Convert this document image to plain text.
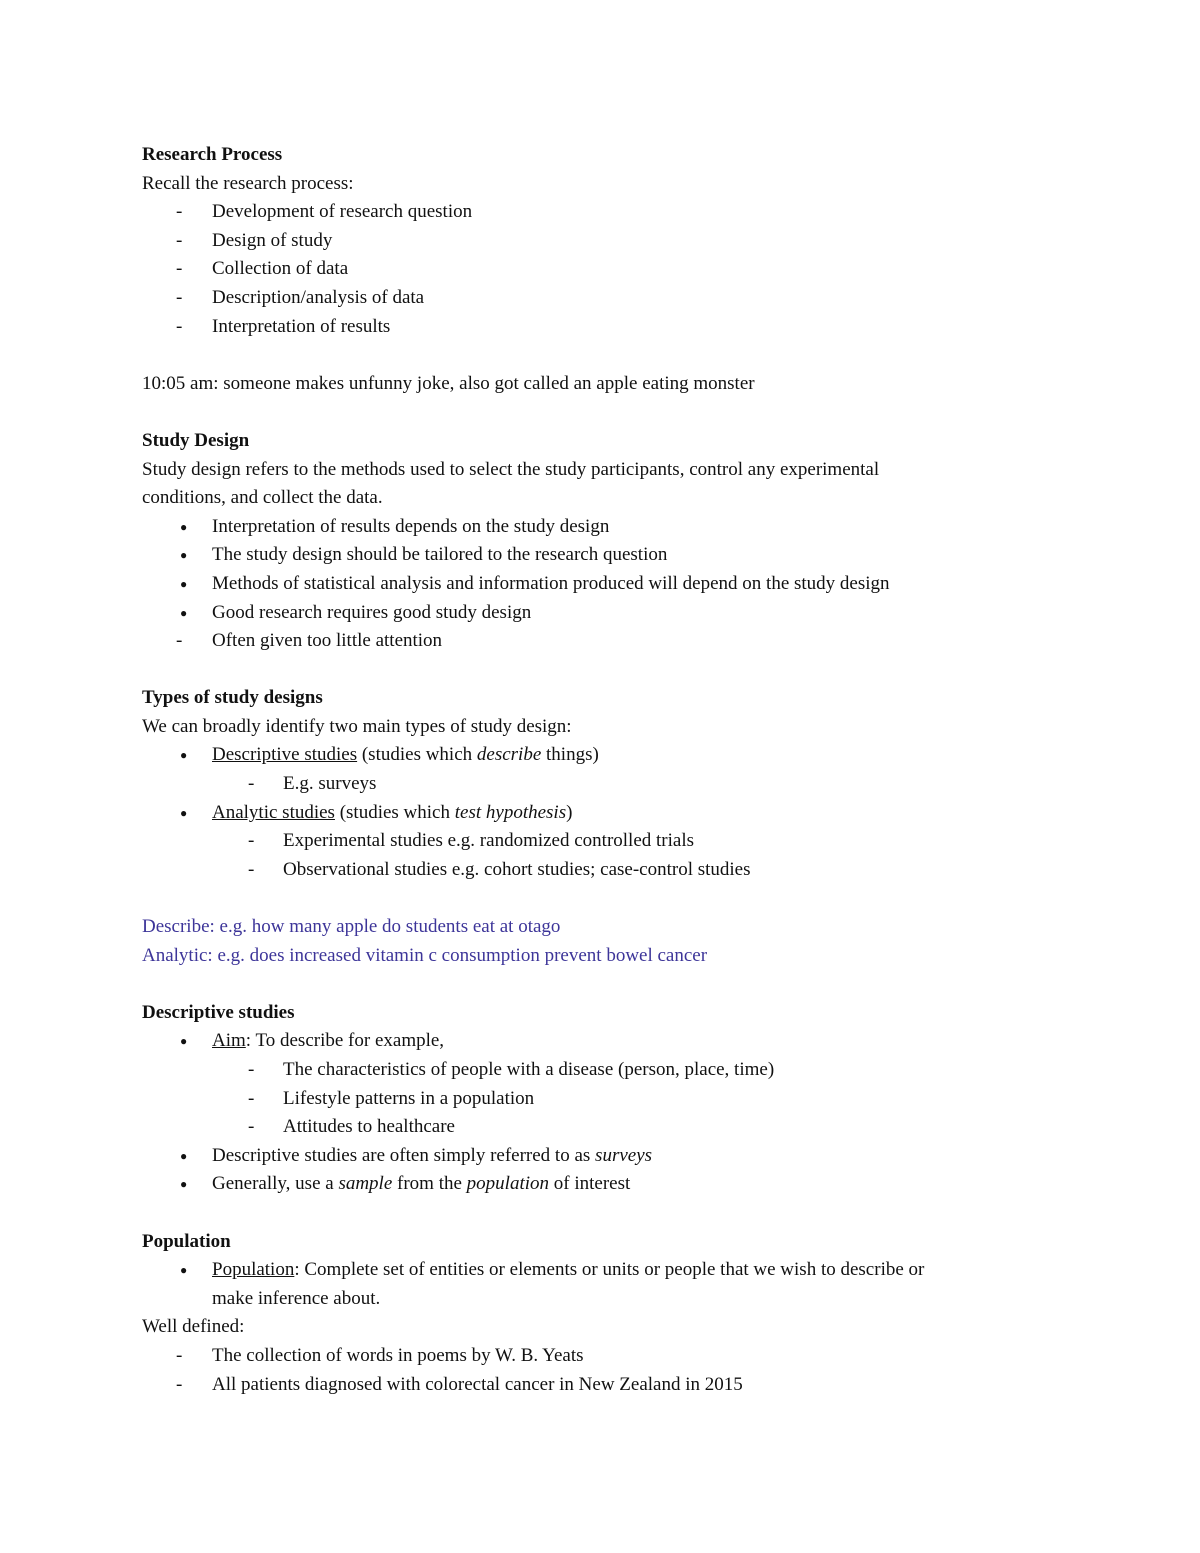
Research Process
Recall the research process:
- Development of research question
- Design of study
- Collection of data
- Description/analysis of data
- Interpretation of results
10:05 am: someone makes unfunny joke, also got called an apple eating monster
Study Design
Study design refers to the methods used to select the study participants, control any experimental
conditions, and collect the data.
● Interpretation of results depends on the study design
● The study design should be tailored to the research question
● Methods of statistical analysis and information produced will depend on the study design
● Good research requires good study design
- Often given too little attention
Types of study designs
We can broadly identify two main types of study design:
● Descriptive studies (studies which describe things)
- E.g. surveys
● Analytic studies (studies which test hypothesis)
- Experimental studies e.g. randomized controlled trials
- Observational studies e.g. cohort studies; case-control studies
Describe: e.g. how many apple do students eat at otago
Analytic: e.g. does increased vitamin c consumption prevent bowel cancer
Descriptive studies
● Aim: To describe for example,
- The characteristics of people with a disease (person, place, time)
- Lifestyle patterns in a population
- Attitudes to healthcare
● Descriptive studies are often simply referred to as surveys
● Generally, use a sample from the population of interest
Population
● Population: Complete set of entities or elements or units or people that we wish to describe or
make inference about.
Well defined:
- The collection of words in poems by W. B. Yeats
- All patients diagnosed with colorectal cancer in New Zealand in 2015
